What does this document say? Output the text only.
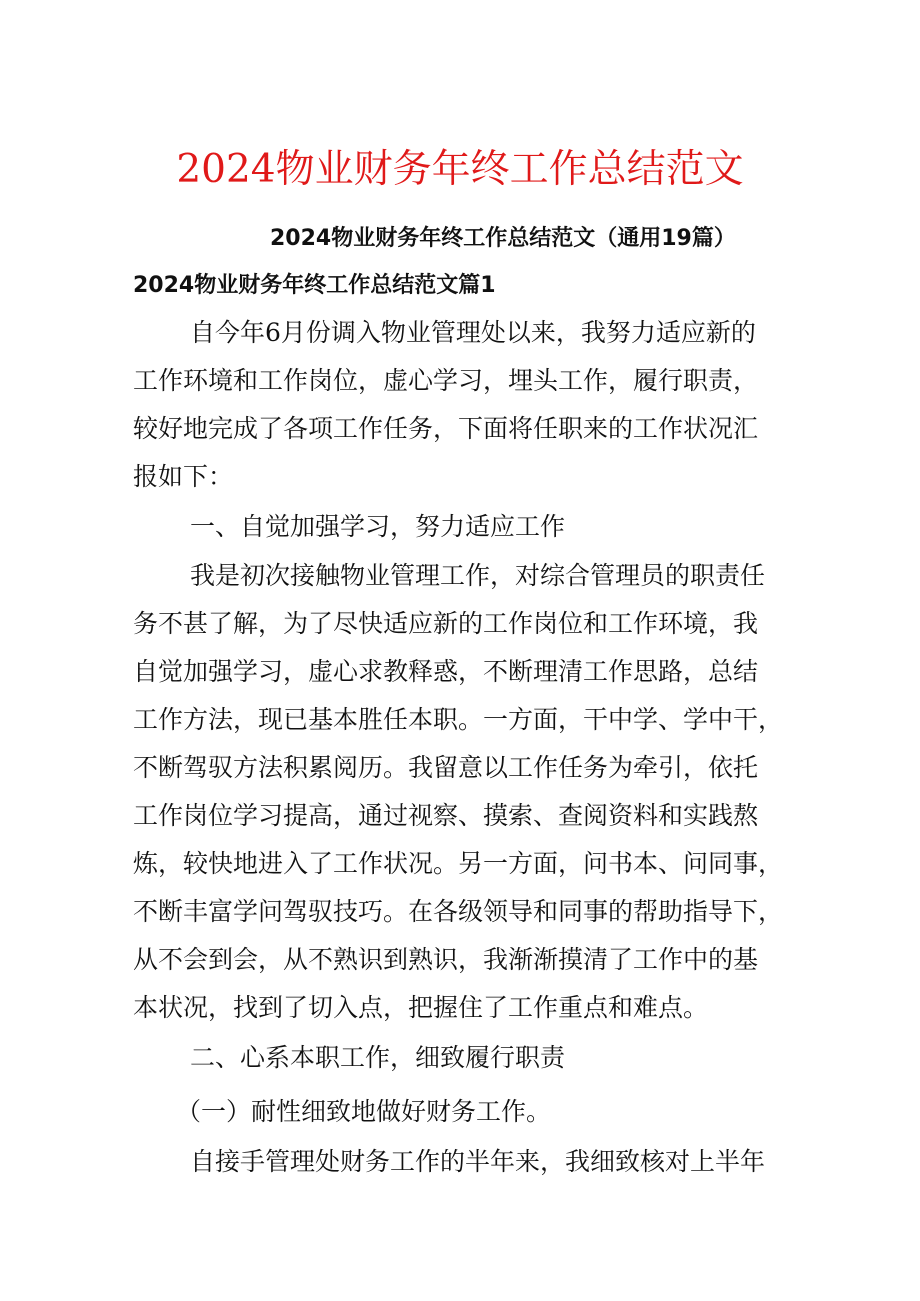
2024物业财务年终工作总结范文
2024物业财务年终工作总结范文（通用19篇）
2024物业财务年终工作总结范文篇1
自今年6月份调入物业管理处以来，我努力适应新的
工作环境和工作岗位，虚心学习，埋头工作，履行职责，
较好地完成了各项工作任务，下面将任职来的工作状况汇
报如下：
一、自觉加强学习，努力适应工作
我是初次接触物业管理工作，对综合管理员的职责任
务不甚了解，为了尽快适应新的工作岗位和工作环境，我
自觉加强学习，虚心求教释惑，不断理清工作思路，总结
工作方法，现已基本胜任本职。一方面，干中学、学中干，
不断驾驭方法积累阅历。我留意以工作任务为牵引，依托
工作岗位学习提高，通过视察、摸索、查阅资料和实践熬
炼，较快地进入了工作状况。另一方面，问书本、问同事，
不断丰富学问驾驭技巧。在各级领导和同事的帮助指导下，
从不会到会，从不熟识到熟识，我渐渐摸清了工作中的基
本状况，找到了切入点，把握住了工作重点和难点。
二、心系本职工作，细致履行职责
（一）耐性细致地做好财务工作。
自接手管理处财务工作的半年来，我细致核对上半年
